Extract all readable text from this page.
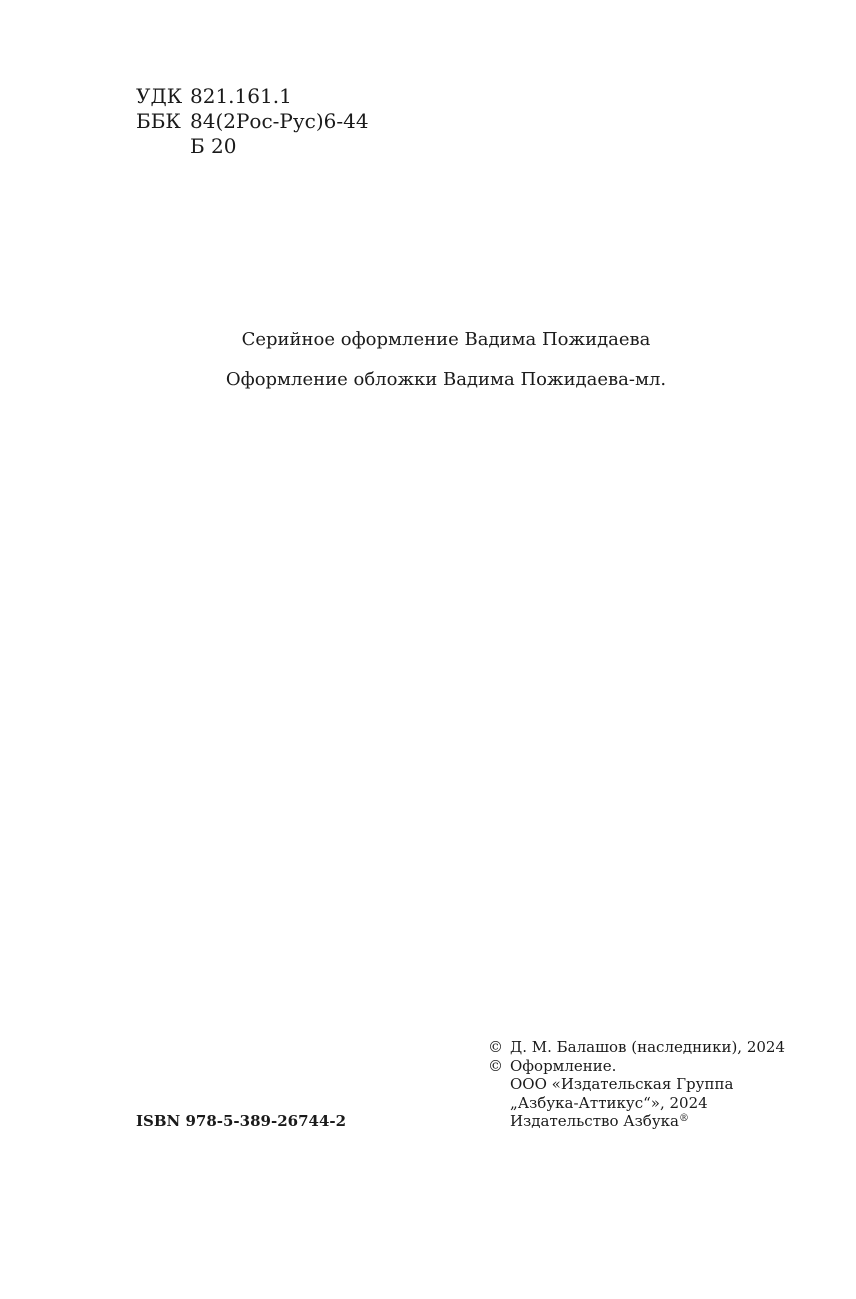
УДК 821.161.1
ББК 84(2Рос-Рус)6-44
Б 20
Серийное оформление Вадима Пожидаева
Оформление обложки Вадима Пожидаева-мл.
ISBN 978-5-389-26744-2
© Д. М. Балашов (наследники), 2024
© Оформление.
ООО «Издательская Группа
„Азбука-Аттикус“», 2024
Издательство Азбука®
